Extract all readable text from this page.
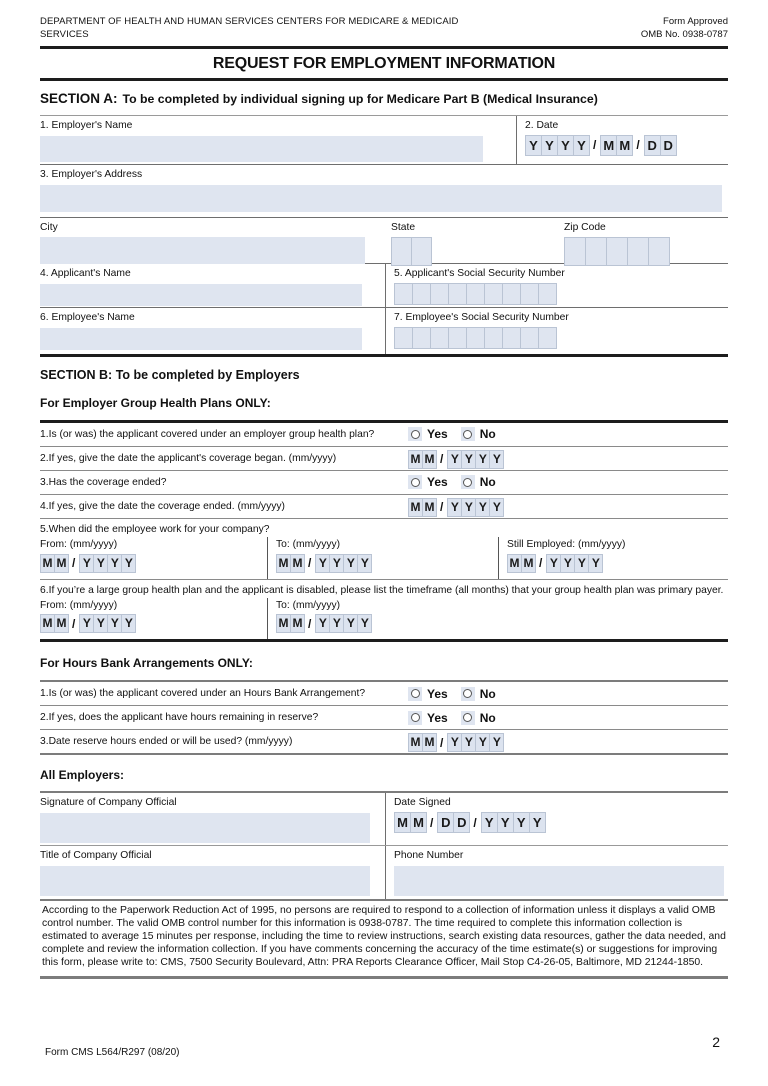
DEPARTMENT OF HEALTH AND HUMAN SERVICES CENTERS FOR MEDICARE & MEDICAID
SERVICES
Form Approved
OMB No. 0938-0787
REQUEST FOR EMPLOYMENT INFORMATION
SECTION A: To be completed by individual signing up for Medicare Part B (Medical Insurance)
1. Employer's Name	2. Date
Y Y Y Y / M M / D D
3. Employer's Address
City	State	Zip Code
4. Applicant's Name	5. Applicant's Social Security Number
6. Employee's Name	7. Employee's Social Security Number
SECTION B: To be completed by Employers
For Employer Group Health Plans ONLY:
1.Is (or was) the applicant covered under an employer group health plan?	Yes	No
2.If yes, give the date the applicant's coverage began. (mm/yyyy)	M M / Y Y Y Y
3.Has the coverage ended?	Yes	No
4.If yes, give the date the coverage ended. (mm/yyyy)	M M / Y Y Y Y
5.When did the employee work for your company?
From: (mm/yyyy)
M M / Y Y Y Y
To: (mm/yyyy)
M M / Y Y Y Y
Still Employed: (mm/yyyy)
M M / Y Y Y Y
6.If you’re a large group health plan and the applicant is disabled, please list the timeframe (all months) that your group health plan was primary payer.
From: (mm/yyyy)
M M / Y Y Y Y
To: (mm/yyyy)
M M / Y Y Y Y
For Hours Bank Arrangements ONLY:
1.Is (or was) the applicant covered under an Hours Bank Arrangement?	Yes	No
2.If yes, does the applicant have hours remaining in reserve?	Yes	No
3.Date reserve hours ended or will be used? (mm/yyyy)	M M / Y Y Y Y
All Employers:
Signature of Company Official	Date Signed
M M / D D / Y Y Y Y
Title of Company Official	Phone Number
According to the Paperwork Reduction Act of 1995, no persons are required to respond to a collection of information unless it displays a valid OMB control number. The valid OMB control number for this information is 0938-0787. The time required to complete this information collection is estimated to average 15 minutes per response, including the time to review instructions, search existing data resources, gather the data needed, and complete and review the information collection. If you have comments concerning the accuracy of the time estimate(s) or suggestions for improving this form, please write to: CMS, 7500 Security Boulevard, Attn: PRA Reports Clearance Officer, Mail Stop C4-26-05, Baltimore, MD 21244-1850.
Form CMS L564/R297 (08/20)
2
